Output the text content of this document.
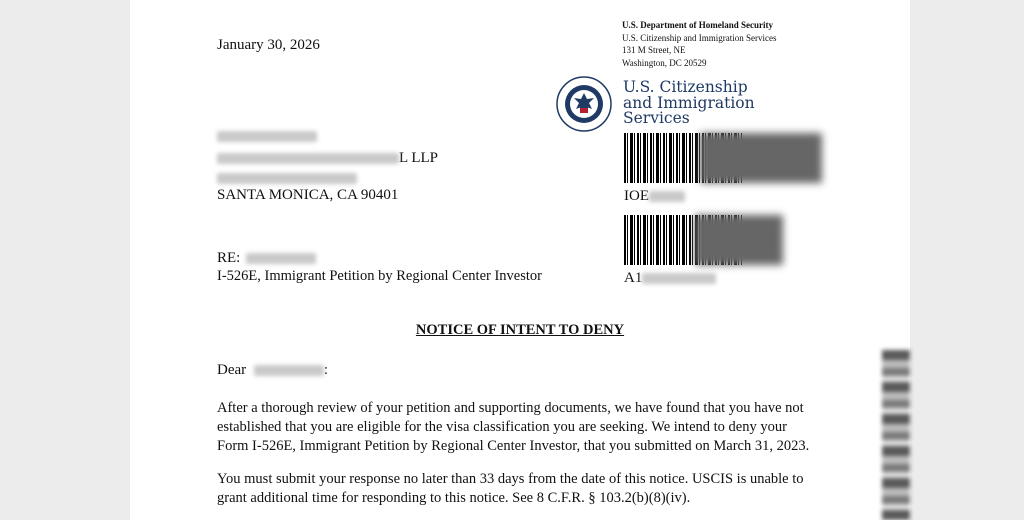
January 30, 2026
U.S. Department of Homeland Security
U.S. Citizenship and Immigration Services
131 M Street, NE
Washington, DC 20529
U.S. Citizenship
and Immigration
Services
L LLP
SANTA MONICA, CA 90401	IOE
A1
RE:
I-526E, Immigrant Petition by Regional Center Investor
NOTICE OF INTENT TO DENY
Dear	:
After a thorough review of your petition and supporting documents, we have found that you have not
established that you are eligible for the visa classification you are seeking. We intend to deny your
Form I-526E, Immigrant Petition by Regional Center Investor, that you submitted on March 31, 2023.
You must submit your response no later than 33 days from the date of this notice. USCIS is unable to
grant additional time for responding to this notice. See 8 C.F.R. § 103.2(b)(8)(iv).
